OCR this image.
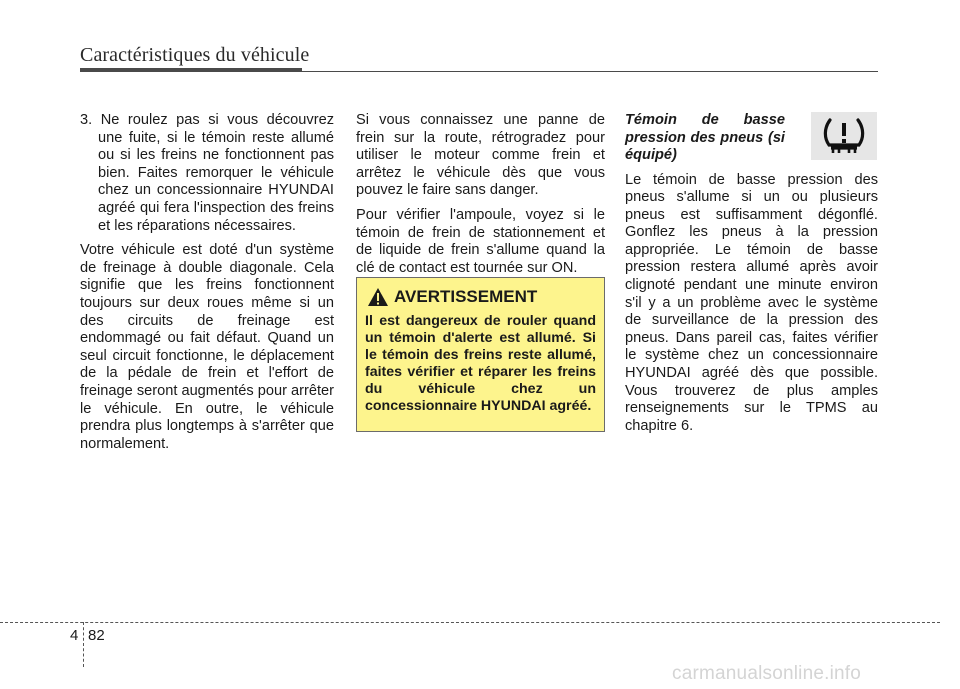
Caractéristiques du véhicule

3. Ne roulez pas si vous découvrez une fuite, si le témoin reste allumé ou si les freins ne fonctionnent pas bien. Faites remorquer le véhicule chez un concessionnaire HYUNDAI agréé qui fera l'inspection des freins et les réparations nécessaires.

Votre véhicule est doté d'un système de freinage à double diagonale. Cela signifie que les freins fonctionnent toujours sur deux roues même si un des circuits de freinage est endommagé ou fait défaut. Quand un seul circuit fonctionne, le déplacement de la pédale de frein et l'effort de freinage seront augmentés pour arrêter le véhicule. En outre, le véhicule prendra plus longtemps à s'arrêter que normalement.

Si vous connaissez une panne de frein sur la route, rétrogradez pour utiliser le moteur comme frein et arrêtez le véhicule dès que vous pouvez le faire sans danger.

Pour vérifier l'ampoule, voyez si le témoin de frein de stationnement et de liquide de frein s'allume quand la clé de contact est tournée sur ON.

AVERTISSEMENT
Il est dangereux de rouler quand un témoin d'alerte est allumé. Si le témoin des freins reste allumé, faites vérifier et réparer les freins du véhicule chez un concessionnaire HYUNDAI agréé.

Témoin de basse pression des pneus (si équipé)

Le témoin de basse pression des pneus s'allume si un ou plusieurs pneus est suffisamment dégonflé. Gonflez les pneus à la pression appropriée. Le témoin de basse pression restera allumé après avoir clignoté pendant une minute environ s'il y a un problème avec le système de surveillance de la pression des pneus. Dans pareil cas, faites vérifier le système chez un concessionnaire HYUNDAI agréé dès que possible. Vous trouverez de plus amples renseignements sur le TPMS au chapitre 6.

4 82
carmanualsonline.info
